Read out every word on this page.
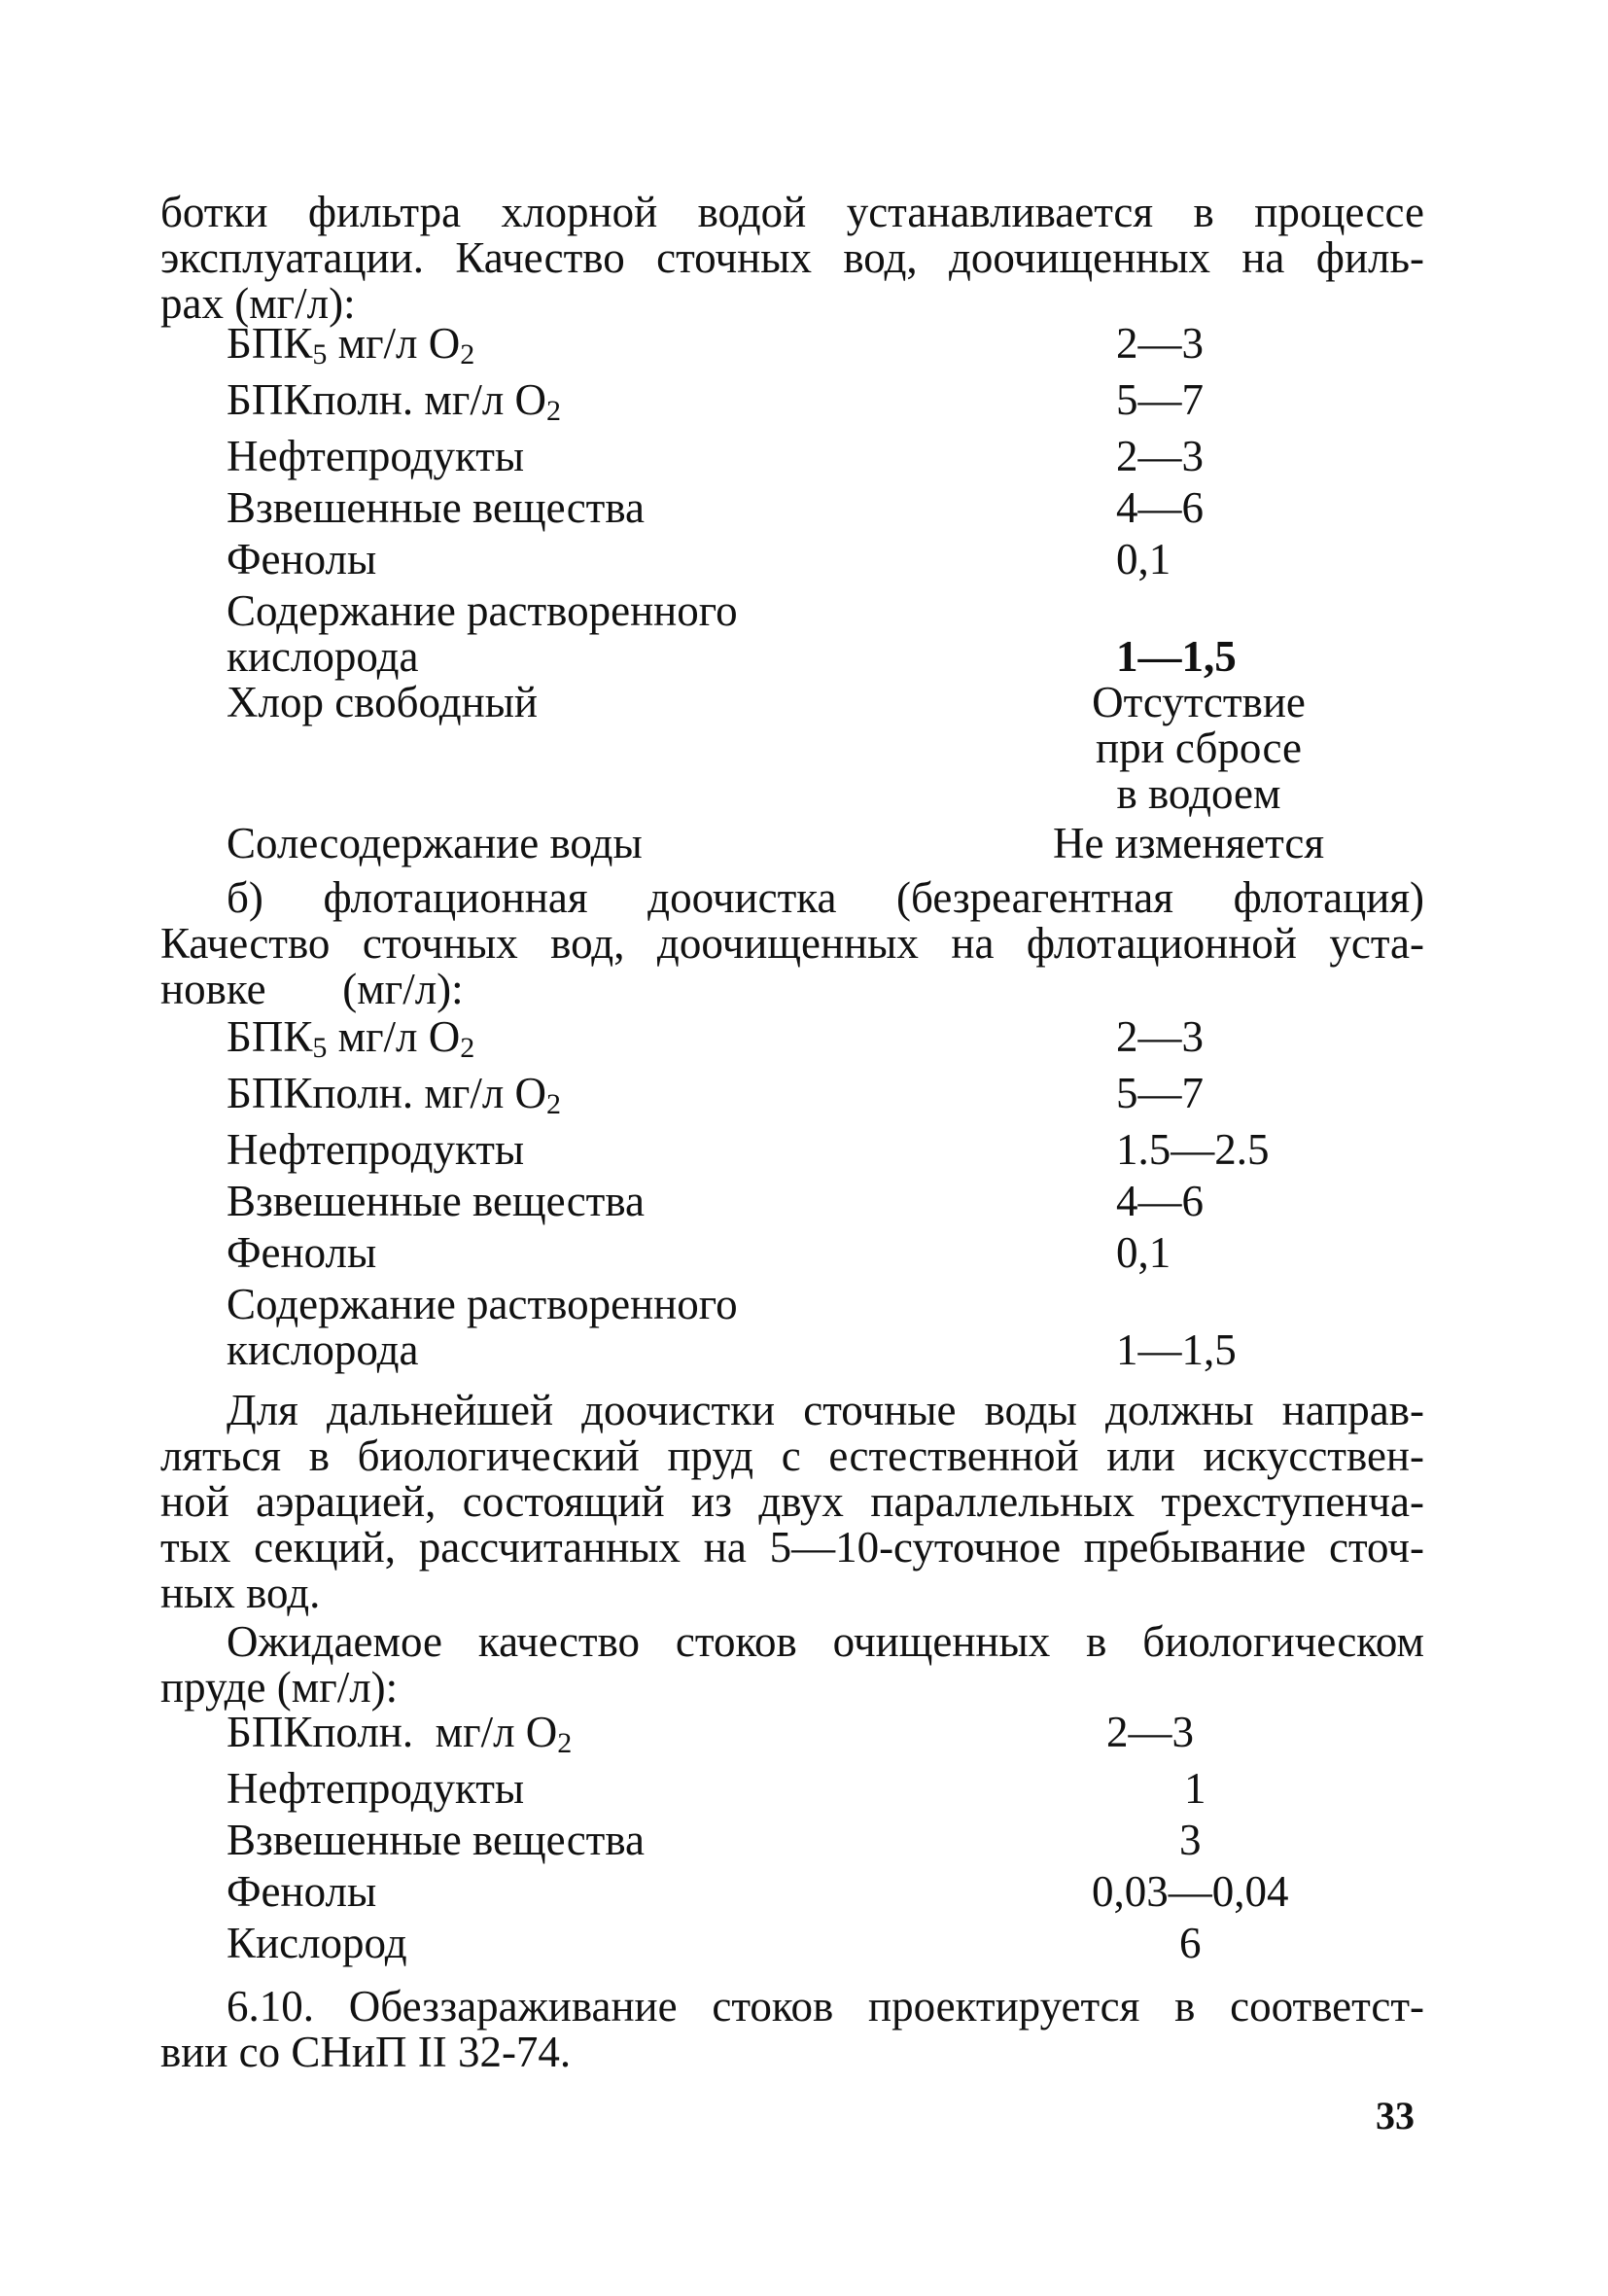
ботки фильтра хлорной водой устанавливается в процессе
эксплуатации. Качество сточных вод, доочищенных на филь-
рах (мг/л):
$БПК_5$ мг/л $О_2$	2—3
БПКполн. мг/л $О_2$	5—7
Нефтепродукты	2—3
Взвешенные вещества	4—6
Фенолы	0,1
Содержание растворенного
кислорода	1—1,5
Хлор свободный	Отсутствие
при сбросе
в водоем
Солесодержание воды	Не изменяется
б) флотационная доочистка (безреагентная флотация)
Качество сточных вод, доочищенных на флотационной уста-
новке       (мг/л):
$БПК_5$ мг/л $О_2$	2—3
БПКполн. мг/л $О_2$	5—7
Нефтепродукты	1.5—2.5
Взвешенные вещества	4—6
Фенолы	0,1
Содержание растворенного
кислорода	1—1,5
Для дальнейшей доочистки сточные воды должны направ-
ляться в биологический пруд с естественной или искусствен-
ной аэрацией, состоящий из двух параллельных трехступенча-
тых секций, рассчитанных на 5—10-суточное пребывание сточ-
ных вод.
Ожидаемое качество стоков очищенных в биологическом
пруде (мг/л):
БПКполн.  мг/л $О_2$	2—3
Нефтепродукты	1
Взвешенные вещества	3
Фенолы	0,03—0,04
Кислород	6
6.10. Обеззараживание стоков проектируется в соответст-
вии со СНиП II 32-74.
33
